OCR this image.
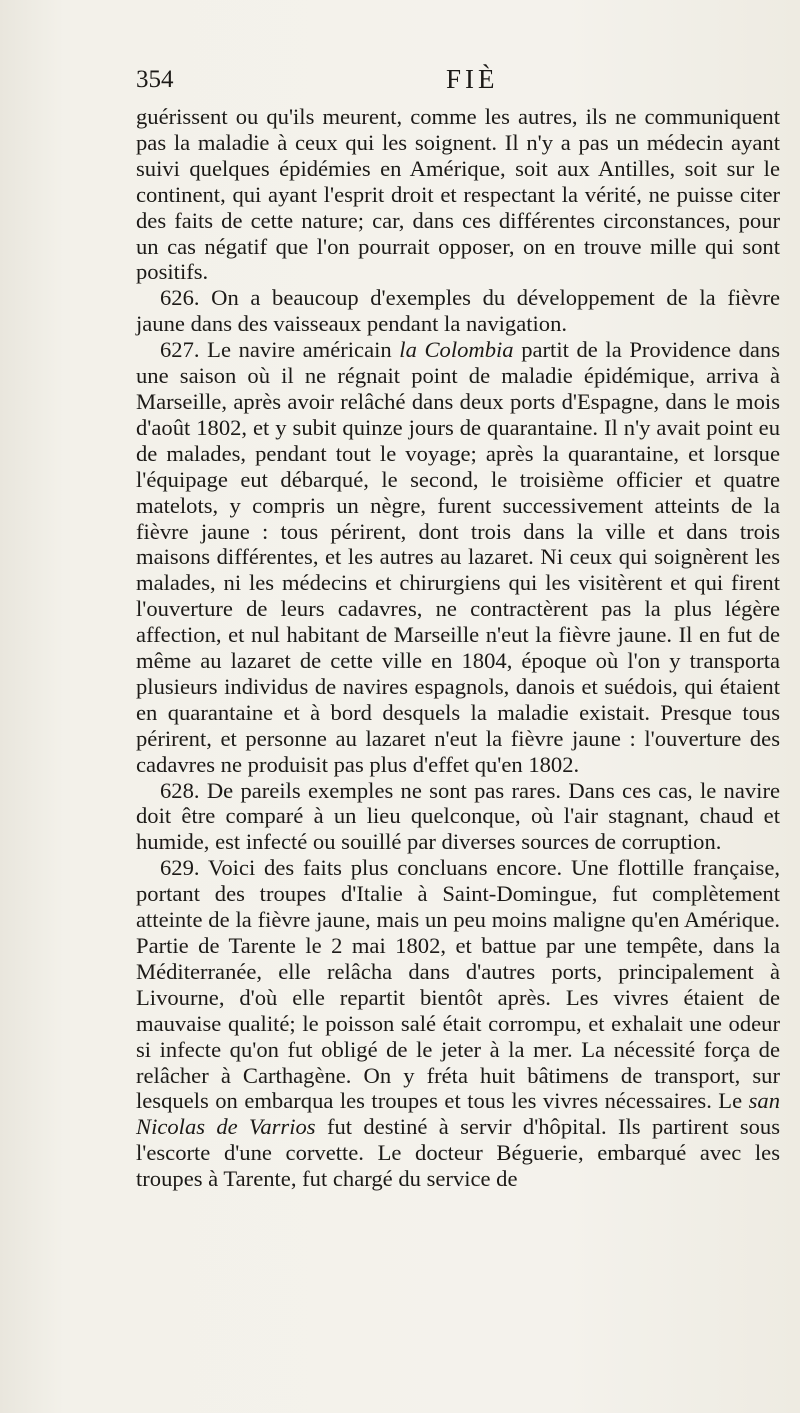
354	FIÈ

guérissent ou qu'ils meurent, comme les autres, ils ne communiquent pas la maladie à ceux qui les soignent. Il n'y a pas un médecin ayant suivi quelques épidémies en Amérique, soit aux Antilles, soit sur le continent, qui ayant l'esprit droit et respectant la vérité, ne puisse citer des faits de cette nature; car, dans ces différentes circonstances, pour un cas négatif que l'on pourrait opposer, on en trouve mille qui sont positifs.

626. On a beaucoup d'exemples du développement de la fièvre jaune dans des vaisseaux pendant la navigation.

627. Le navire américain la Colombia partit de la Providence dans une saison où il ne régnait point de maladie épidémique, arriva à Marseille, après avoir relâché dans deux ports d'Espagne, dans le mois d'août 1802, et y subit quinze jours de quarantaine. Il n'y avait point eu de malades, pendant tout le voyage; après la quarantaine, et lorsque l'équipage eut débarqué, le second, le troisième officier et quatre matelots, y compris un nègre, furent successivement atteints de la fièvre jaune : tous périrent, dont trois dans la ville et dans trois maisons différentes, et les autres au lazaret. Ni ceux qui soignèrent les malades, ni les médecins et chirurgiens qui les visitèrent et qui firent l'ouverture de leurs cadavres, ne contractèrent pas la plus légère affection, et nul habitant de Marseille n'eut la fièvre jaune. Il en fut de même au lazaret de cette ville en 1804, époque où l'on y transporta plusieurs individus de navires espagnols, danois et suédois, qui étaient en quarantaine et à bord desquels la maladie existait. Presque tous périrent, et personne au lazaret n'eut la fièvre jaune : l'ouverture des cadavres ne produisit pas plus d'effet qu'en 1802.

628. De pareils exemples ne sont pas rares. Dans ces cas, le navire doit être comparé à un lieu quelconque, où l'air stagnant, chaud et humide, est infecté ou souillé par diverses sources de corruption.

629. Voici des faits plus concluans encore. Une flottille française, portant des troupes d'Italie à Saint-Domingue, fut complètement atteinte de la fièvre jaune, mais un peu moins maligne qu'en Amérique. Partie de Tarente le 2 mai 1802, et battue par une tempête, dans la Méditerranée, elle relâcha dans d'autres ports, principalement à Livourne, d'où elle repartit bientôt après. Les vivres étaient de mauvaise qualité; le poisson salé était corrompu, et exhalait une odeur si infecte qu'on fut obligé de le jeter à la mer. La nécessité força de relâcher à Carthagène. On y fréta huit bâtimens de transport, sur lesquels on embarqua les troupes et tous les vivres nécessaires. Le san Nicolas de Varrios fut destiné à servir d'hôpital. Ils partirent sous l'escorte d'une corvette. Le docteur Béguerie, embarqué avec les troupes à Tarente, fut chargé du service de
